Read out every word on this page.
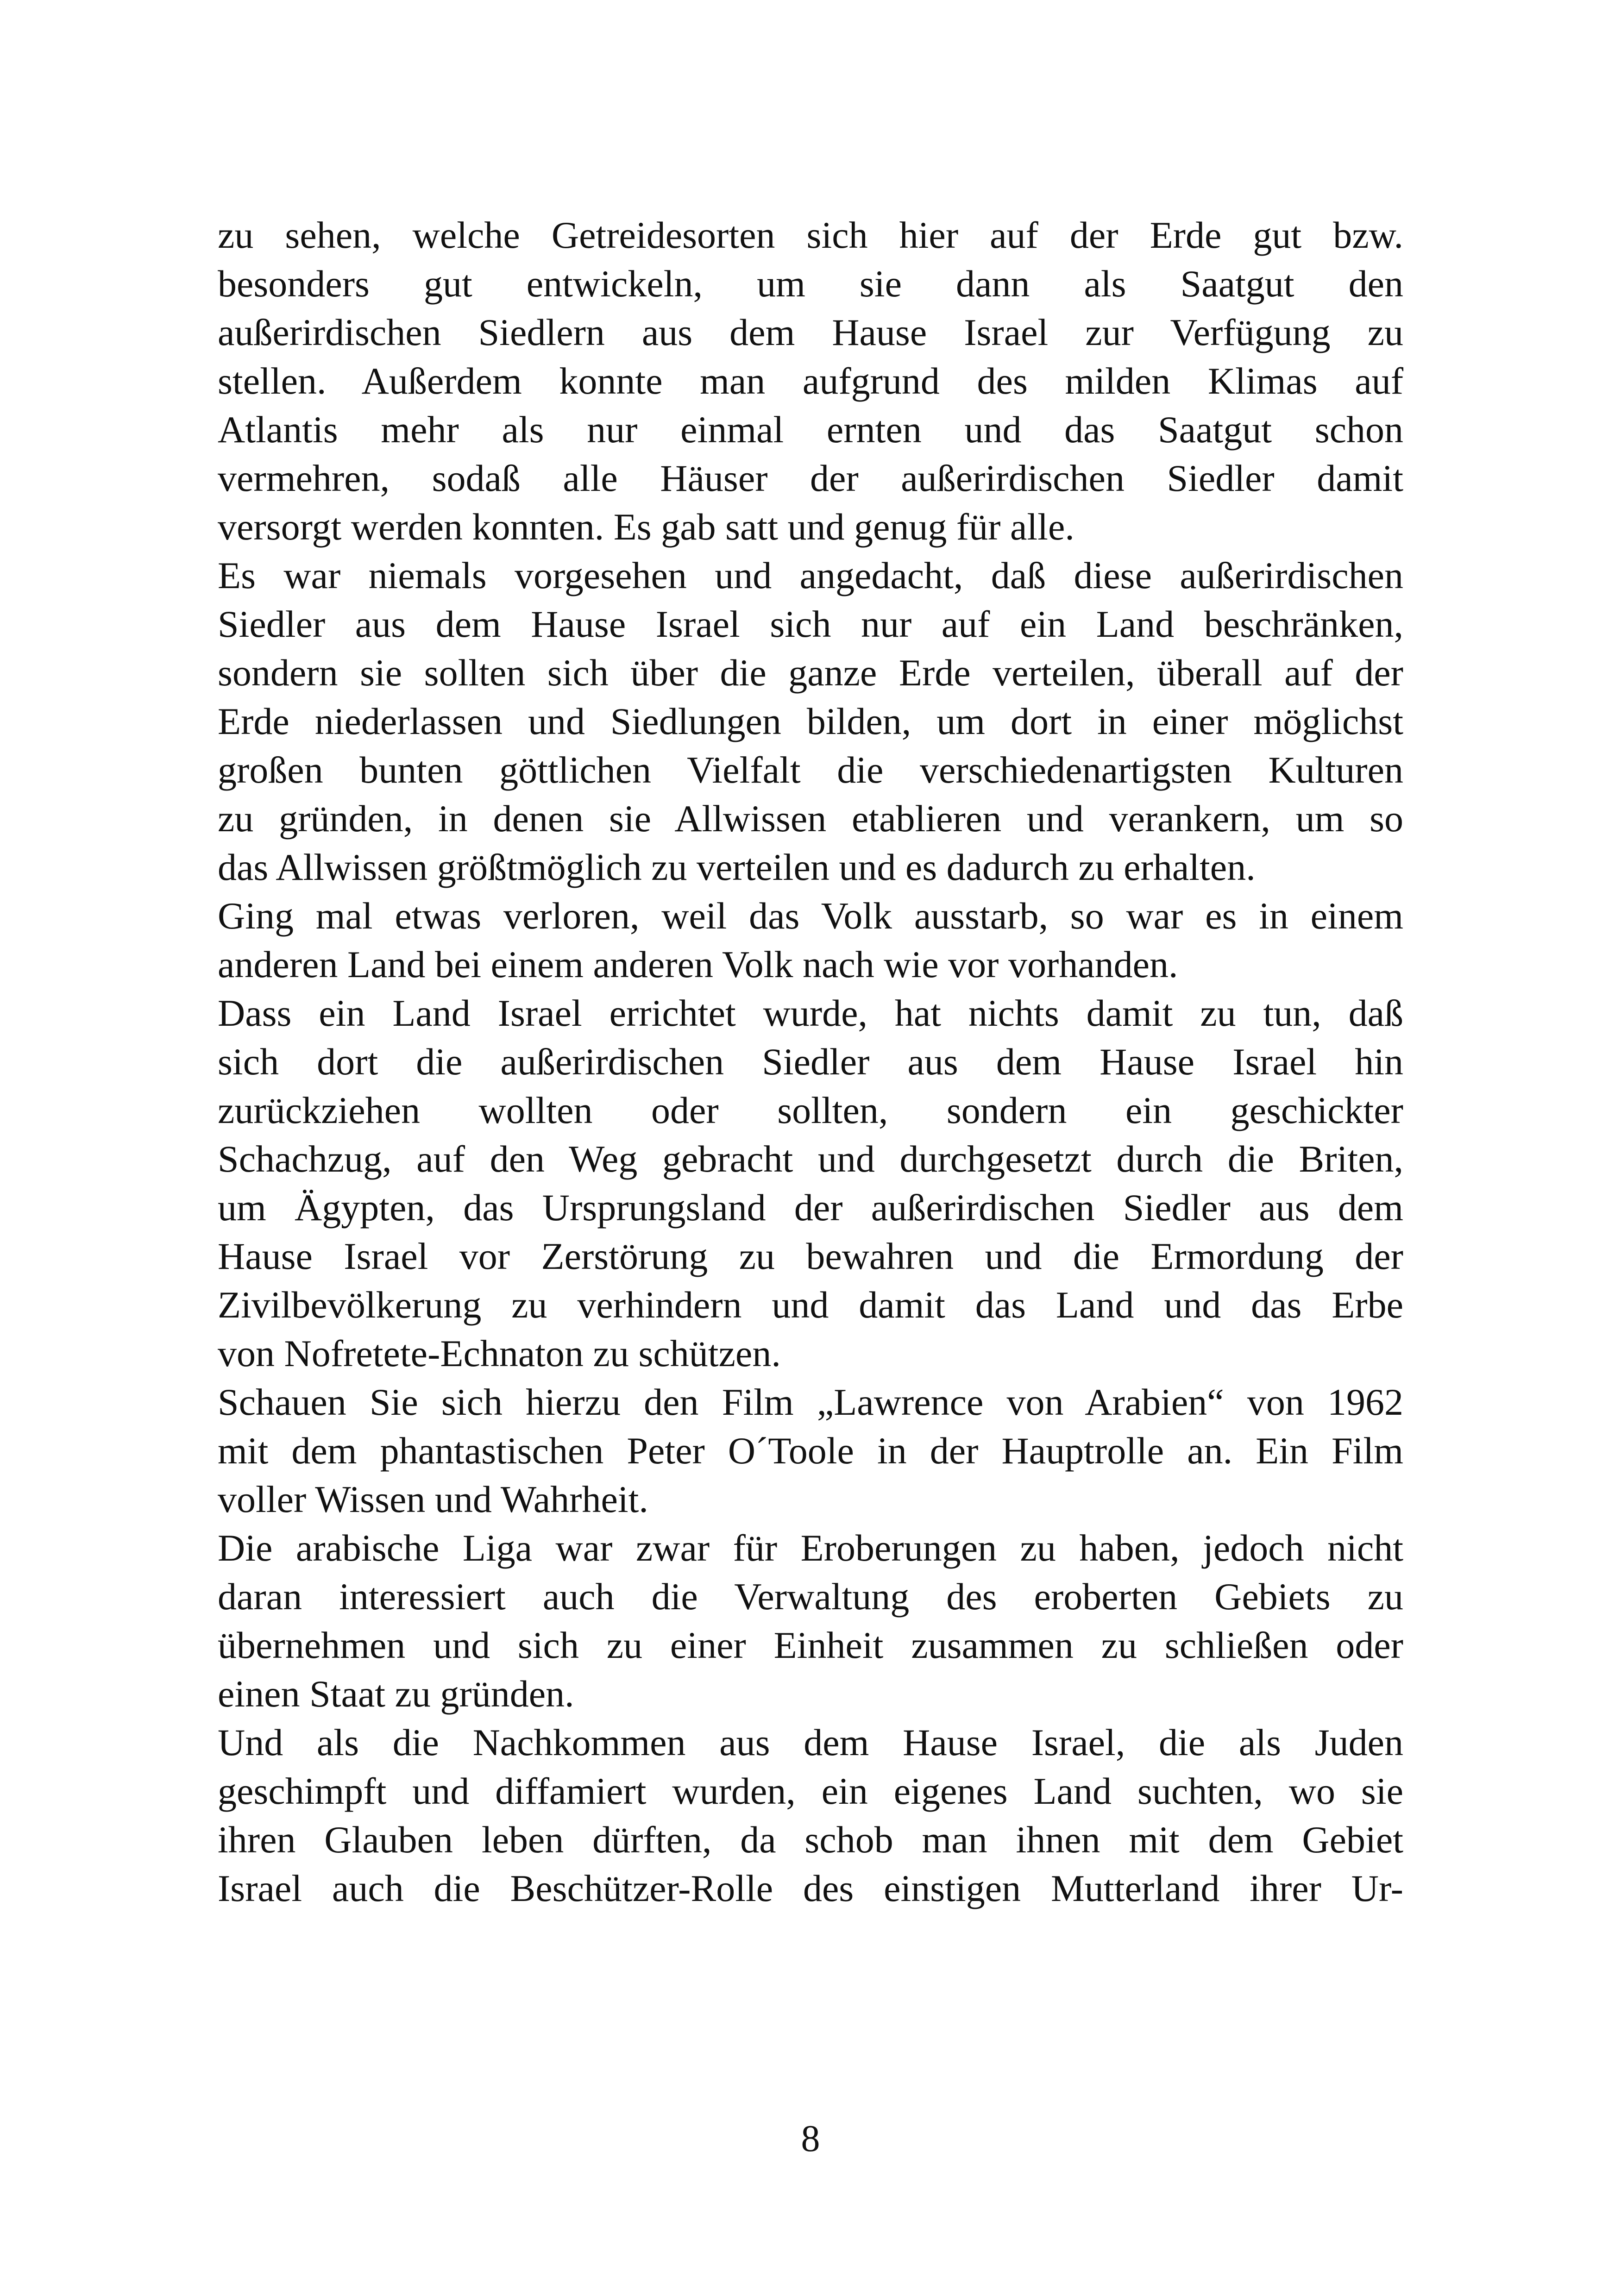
zu sehen, welche Getreidesorten sich hier auf der Erde gut bzw.
besonders gut entwickeln, um sie dann als Saatgut den
außerirdischen Siedlern aus dem Hause Israel zur Verfügung zu
stellen. Außerdem konnte man aufgrund des milden Klimas auf
Atlantis mehr als nur einmal ernten und das Saatgut schon
vermehren, sodaß alle Häuser der außerirdischen Siedler damit
versorgt werden konnten. Es gab satt und genug für alle.
Es war niemals vorgesehen und angedacht, daß diese außerirdischen
Siedler aus dem Hause Israel sich nur auf ein Land beschränken,
sondern sie sollten sich über die ganze Erde verteilen, überall auf der
Erde niederlassen und Siedlungen bilden, um dort in einer möglichst
großen bunten göttlichen Vielfalt die verschiedenartigsten Kulturen
zu gründen, in denen sie Allwissen etablieren und verankern, um so
das Allwissen größtmöglich zu verteilen und es dadurch zu erhalten.
Ging mal etwas verloren, weil das Volk ausstarb, so war es in einem
anderen Land bei einem anderen Volk nach wie vor vorhanden.
Dass ein Land Israel errichtet wurde, hat nichts damit zu tun, daß
sich dort die außerirdischen Siedler aus dem Hause Israel hin
zurückziehen wollten oder sollten, sondern ein geschickter
Schachzug, auf den Weg gebracht und durchgesetzt durch die Briten,
um Ägypten, das Ursprungsland der außerirdischen Siedler aus dem
Hause Israel vor Zerstörung zu bewahren und die Ermordung der
Zivilbevölkerung zu verhindern und damit das Land und das Erbe
von Nofretete-Echnaton zu schützen.
Schauen Sie sich hierzu den Film „Lawrence von Arabien“ von 1962
mit dem phantastischen Peter O´Toole in der Hauptrolle an. Ein Film
voller Wissen und Wahrheit.
Die arabische Liga war zwar für Eroberungen zu haben, jedoch nicht
daran interessiert auch die Verwaltung des eroberten Gebiets zu
übernehmen und sich zu einer Einheit zusammen zu schließen oder
einen Staat zu gründen.
Und als die Nachkommen aus dem Hause Israel, die als Juden
geschimpft und diffamiert wurden, ein eigenes Land suchten, wo sie
ihren Glauben leben dürften, da schob man ihnen mit dem Gebiet
Israel auch die Beschützer-Rolle des einstigen Mutterland ihrer Ur-
8
